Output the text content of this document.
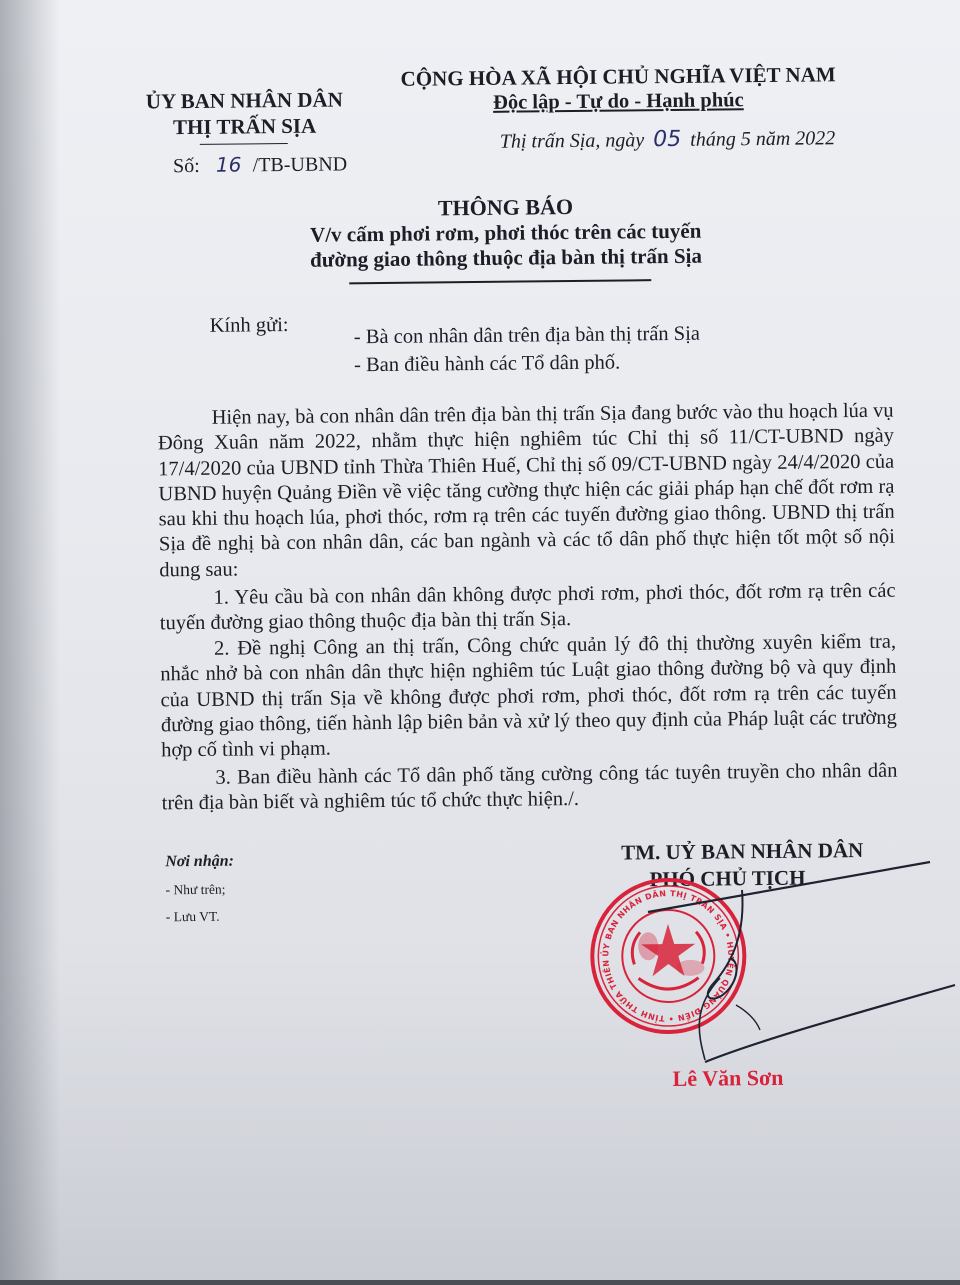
ỦY BAN NHÂN DÂN
THỊ TRẤN SỊA
Số: 16 /TB-UBND
CỘNG HÒA XÃ HỘI CHỦ NGHĨA VIỆT NAM
Độc lập - Tự do - Hạnh phúc
Thị trấn Sịa, ngày 05 tháng 5 năm 2022
THÔNG BÁO
V/v cấm phơi rơm, phơi thóc trên các tuyến
đường giao thông thuộc địa bàn thị trấn Sịa
Kính gửi:	- Bà con nhân dân trên địa bàn thị trấn Sịa
- Ban điều hành các Tổ dân phố.

Hiện nay, bà con nhân dân trên địa bàn thị trấn Sịa đang bước vào thu hoạch lúa vụ Đông Xuân năm 2022, nhằm thực hiện nghiêm túc Chỉ thị số 11/CT-UBND ngày 17/4/2020 của UBND tỉnh Thừa Thiên Huế, Chỉ thị số 09/CT-UBND ngày 24/4/2020 của UBND huyện Quảng Điền về việc tăng cường thực hiện các giải pháp hạn chế đốt rơm rạ sau khi thu hoạch lúa, phơi thóc, rơm rạ trên các tuyến đường giao thông. UBND thị trấn Sịa đề nghị bà con nhân dân, các ban ngành và các tổ dân phố thực hiện tốt một số nội dung sau:

1. Yêu cầu bà con nhân dân không được phơi rơm, phơi thóc, đốt rơm rạ trên các tuyến đường giao thông thuộc địa bàn thị trấn Sịa.

2. Đề nghị Công an thị trấn, Công chức quản lý đô thị thường xuyên kiểm tra, nhắc nhở bà con nhân dân thực hiện nghiêm túc Luật giao thông đường bộ và quy định của UBND thị trấn Sịa về không được phơi rơm, phơi thóc, đốt rơm rạ trên các tuyến đường giao thông, tiến hành lập biên bản và xử lý theo quy định của Pháp luật các trường hợp cố tình vi phạm.

3. Ban điều hành các Tổ dân phố tăng cường công tác tuyên truyền cho nhân dân trên địa bàn biết và nghiêm túc tổ chức thực hiện./.

Nơi nhận:
- Như trên;
- Lưu VT.
TM. UỶ BAN NHÂN DÂN
PHÓ CHỦ TỊCH
ỦY BAN NHÂN DÂN THỊ TRẤN SỊA • HUYỆN QUẢNG ĐIỀN • TỈNH THỪA THIÊN
Lê Văn Sơn
